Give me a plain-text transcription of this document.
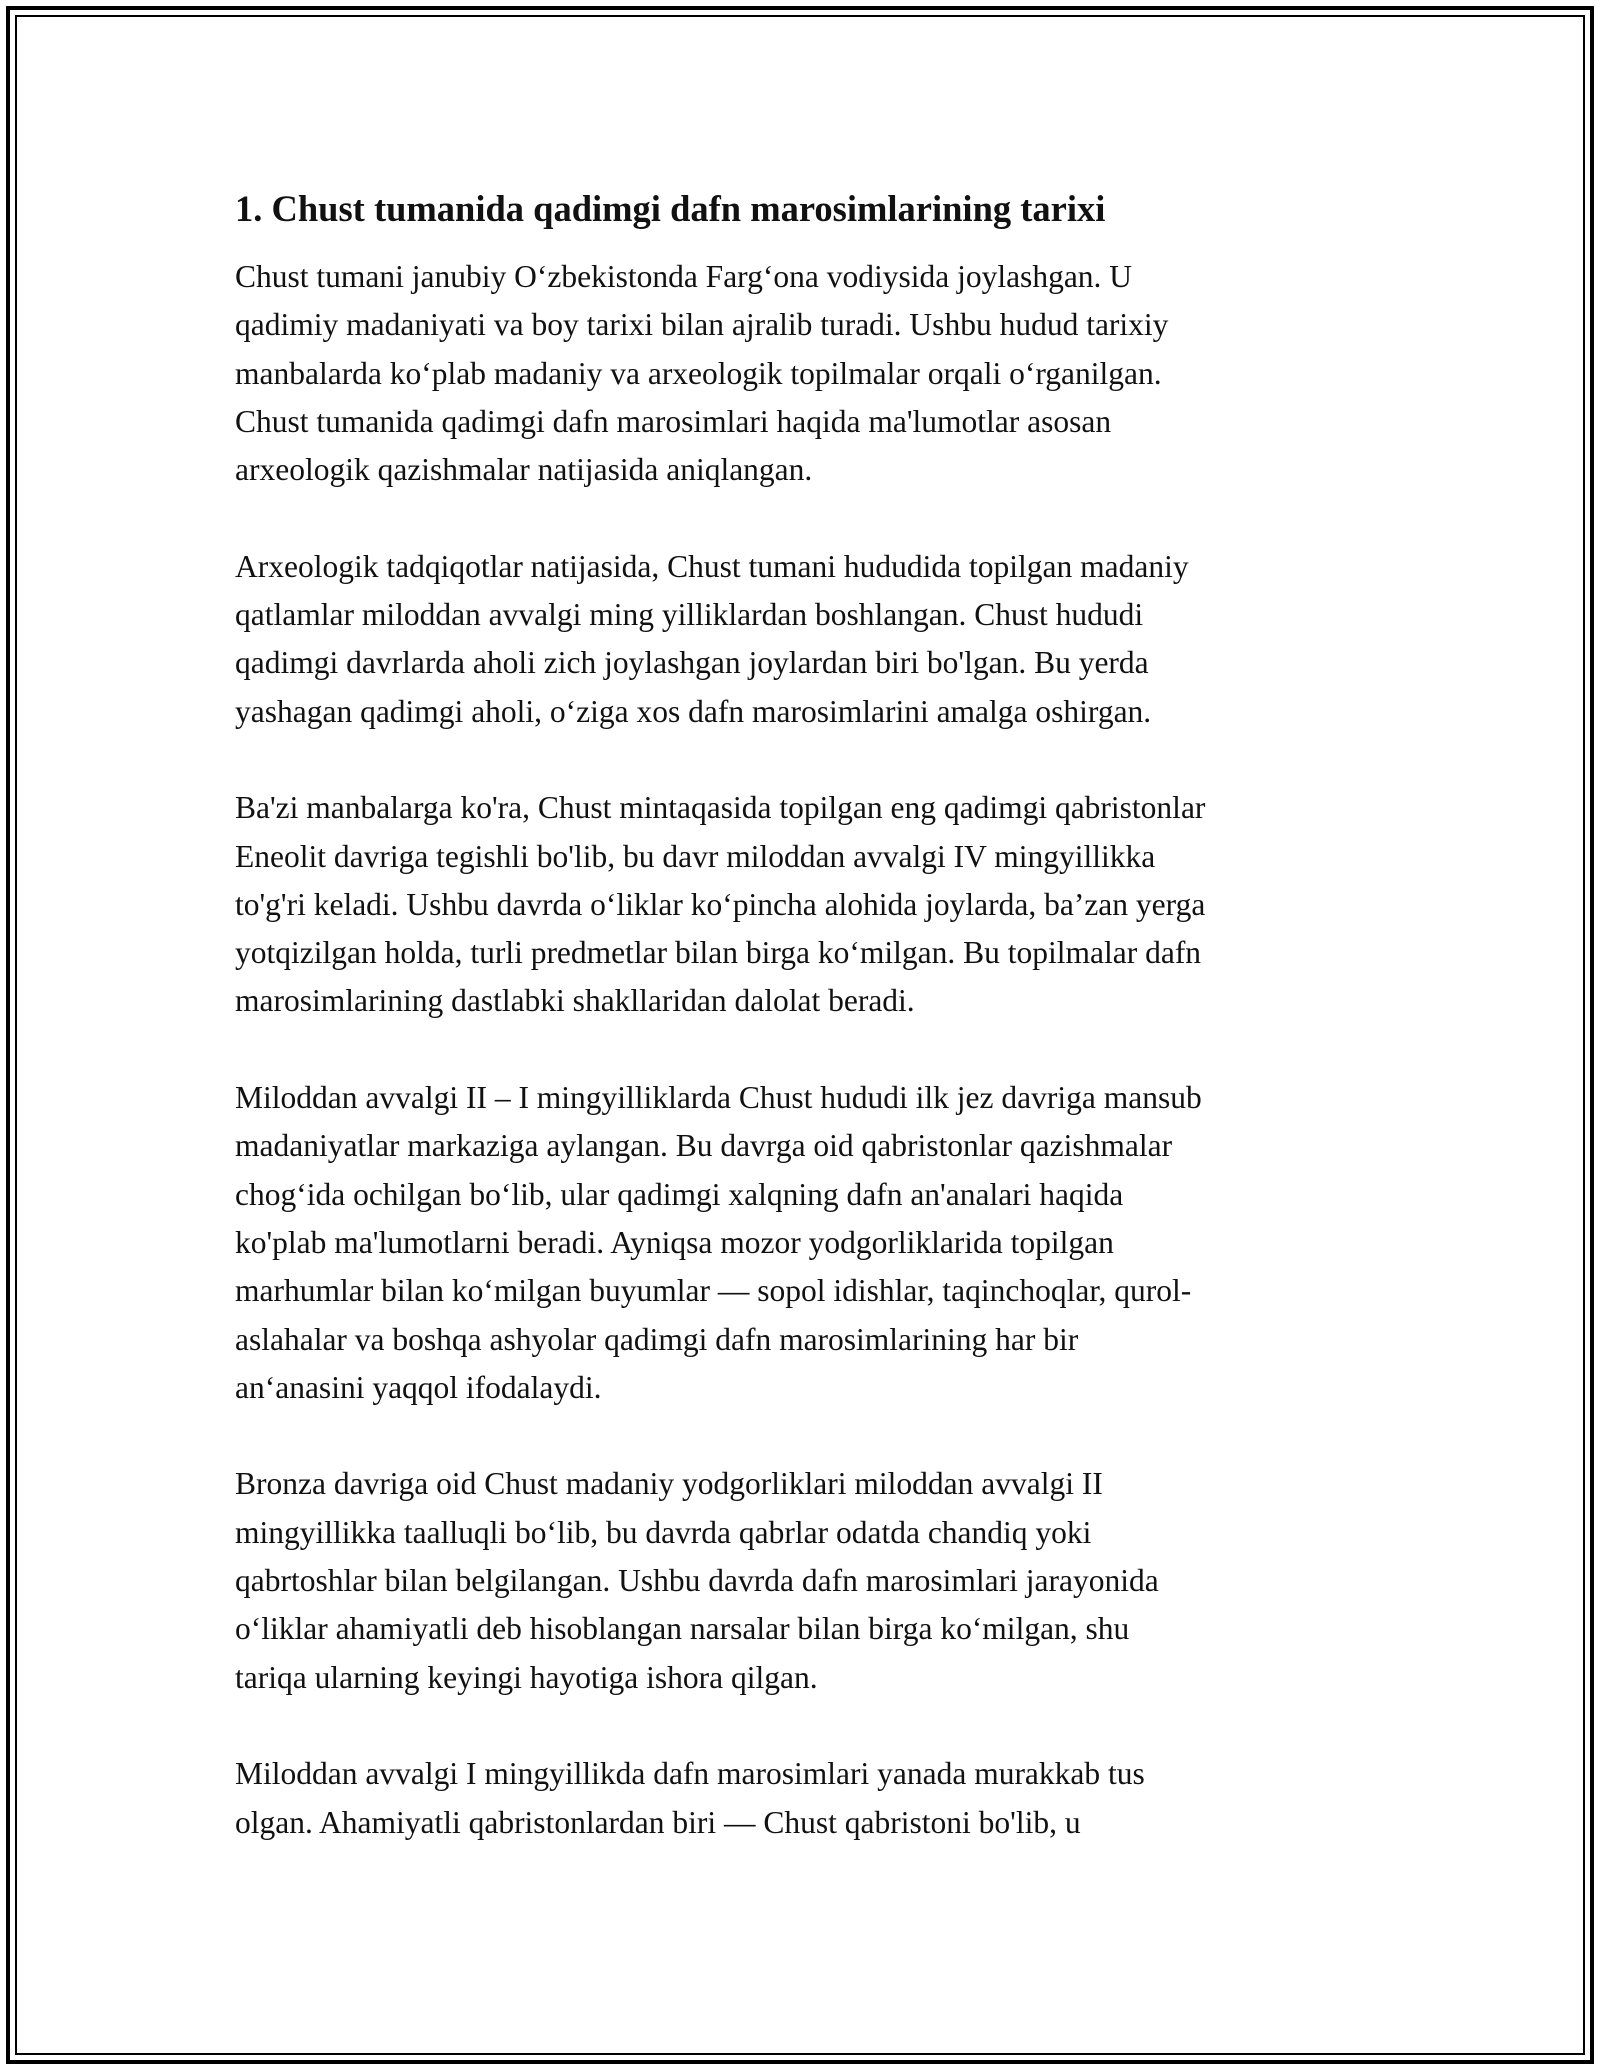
1. Chust tumanida qadimgi dafn marosimlarining tarixi
Chust tumani janubiy O‘zbekistonda Farg‘ona vodiysida joylashgan. U
qadimiy madaniyati va boy tarixi bilan ajralib turadi. Ushbu hudud tarixiy
manbalarda ko‘plab madaniy va arxeologik topilmalar orqali o‘rganilgan.
Chust tumanida qadimgi dafn marosimlari haqida ma'lumotlar asosan
arxeologik qazishmalar natijasida aniqlangan.
Arxeologik tadqiqotlar natijasida, Chust tumani hududida topilgan madaniy
qatlamlar miloddan avvalgi ming yilliklardan boshlangan. Chust hududi
qadimgi davrlarda aholi zich joylashgan joylardan biri bo'lgan. Bu yerda
yashagan qadimgi aholi, o‘ziga xos dafn marosimlarini amalga oshirgan.
Ba'zi manbalarga ko'ra, Chust mintaqasida topilgan eng qadimgi qabristonlar
Eneolit davriga tegishli bo'lib, bu davr miloddan avvalgi IV mingyillikka
to'g'ri keladi. Ushbu davrda o‘liklar ko‘pincha alohida joylarda, ba’zan yerga
yotqizilgan holda, turli predmetlar bilan birga ko‘milgan. Bu topilmalar dafn
marosimlarining dastlabki shakllaridan dalolat beradi.
Miloddan avvalgi II – I mingyilliklarda Chust hududi ilk jez davriga mansub
madaniyatlar markaziga aylangan. Bu davrga oid qabristonlar qazishmalar
chog‘ida ochilgan bo‘lib, ular qadimgi xalqning dafn an'analari haqida
ko'plab ma'lumotlarni beradi. Ayniqsa mozor yodgorliklarida topilgan
marhumlar bilan ko‘milgan buyumlar — sopol idishlar, taqinchoqlar, qurol-
aslahalar va boshqa ashyolar qadimgi dafn marosimlarining har bir
an‘anasini yaqqol ifodalaydi.
Bronza davriga oid Chust madaniy yodgorliklari miloddan avvalgi II
mingyillikka taalluqli bo‘lib, bu davrda qabrlar odatda chandiq yoki
qabrtoshlar bilan belgilangan. Ushbu davrda dafn marosimlari jarayonida
o‘liklar ahamiyatli deb hisoblangan narsalar bilan birga ko‘milgan, shu
tariqa ularning keyingi hayotiga ishora qilgan.
Miloddan avvalgi I mingyillikda dafn marosimlari yanada murakkab tus
olgan. Ahamiyatli qabristonlardan biri — Chust qabristoni bo'lib, u
